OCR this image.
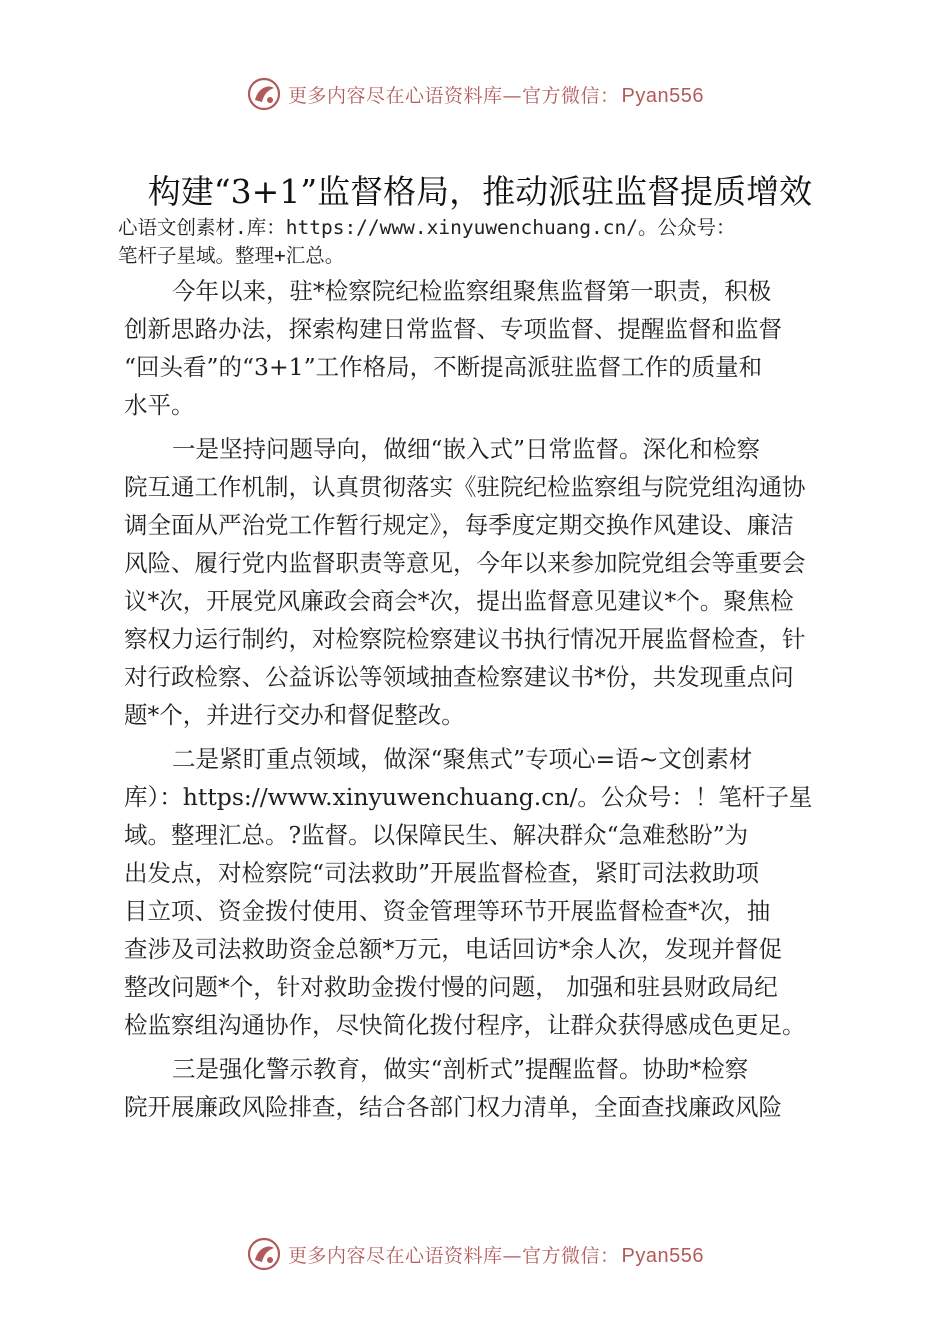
更多内容尽在心语资料库—官方微信： Pyan556
构建“3+1”监督格局，推动派驻监督提质增效
心语文创素材.库：https://www.xinyuwenchuang.cn/。公众号：
笔杆子星域。整理+汇总。

今年以来，驻*检察院纪检监察组聚焦监督第一职责，积极
创新思路办法，探索构建日常监督、专项监督、提醒监督和监督
“回头看”的“3+1”工作格局，不断提高派驻监督工作的质量和
水平。

一是坚持问题导向，做细“嵌入式”日常监督。深化和检察
院互通工作机制，认真贯彻落实《驻院纪检监察组与院党组沟通协
调全面从严治党工作暂行规定》，每季度定期交换作风建设、廉洁
风险、履行党内监督职责等意见，今年以来参加院党组会等重要会
议*次，开展党风廉政会商会*次，提出监督意见建议*个。聚焦检
察权力运行制约，对检察院检察建议书执行情况开展监督检查，针
对行政检察、公益诉讼等领域抽查检察建议书*份，共发现重点问
题*个，并进行交办和督促整改。

二是紧盯重点领域，做深“聚焦式”专项心=语~文创素材
库）：https://www.xinyuwenchuang.cn/。公众号：！笔杆子星
域。整理汇总。?监督。以保障民生、解决群众“急难愁盼”为
出发点，对检察院“司法救助”开展监督检查，紧盯司法救助项
目立项、资金拨付使用、资金管理等环节开展监督检查*次，抽
查涉及司法救助资金总额*万元，电话回访*余人次，发现并督促
整改问题*个，针对救助金拨付慢的问题， 加强和驻县财政局纪
检监察组沟通协作，尽快简化拨付程序，让群众获得感成色更足。

三是强化警示教育，做实“剖析式”提醒监督。协助*检察
院开展廉政风险排查，结合各部门权力清单，全面查找廉政风险

更多内容尽在心语资料库—官方微信： Pyan556
